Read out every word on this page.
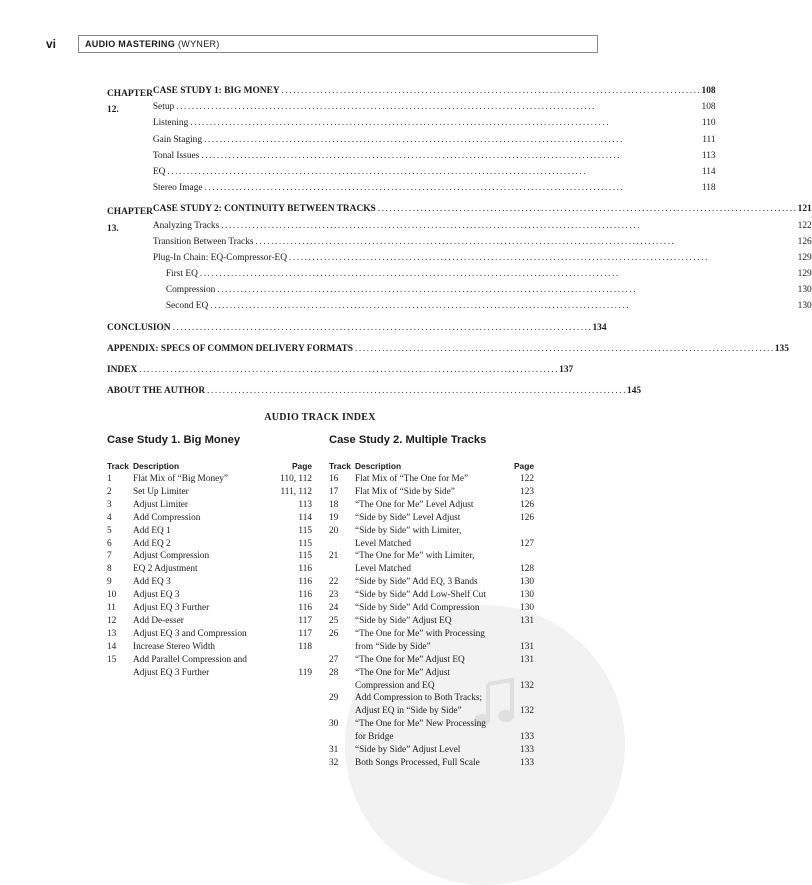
vi	AUDIO MASTERING (WYNER)
CHAPTER 12.
CASE STUDY 1: BIG MONEY . . .	108
Setup . . .	108
Listening . . .	110
Gain Staging . . .	111
Tonal Issues . . .	113
EQ . . .	114
Stereo Image . . .	118
CHAPTER 13.
CASE STUDY 2: CONTINUITY BETWEEN TRACKS . . .	121
Analyzing Tracks . . .	122
Transition Between Tracks . . .	126
Plug-In Chain: EQ-Compressor-EQ . . .	129
First EQ . . .	129
Compression . . .	130
Second EQ . . .	130
CONCLUSION . . .	134
APPENDIX: SPECS OF COMMON DELIVERY FORMATS . . .	135
INDEX . . .	137
ABOUT THE AUTHOR . . .	145
AUDIO TRACK INDEX
Case Study 1. Big Money
Track Description	Page
1	Flat Mix of “Big Money”	110, 112
2	Set Up Limiter	111, 112
3	Adjust Limiter	113
4	Add Compression	114
5	Add EQ 1	115
6	Add EQ 2	115
7	Adjust Compression	115
8	EQ 2 Adjustment	116
9	Add EQ 3	116
10	Adjust EQ 3	116
11	Adjust EQ 3 Further	116
12	Add De-esser	117
13	Adjust EQ 3 and Compression	117
14	Increase Stereo Width	118
15	Add Parallel Compression and
Adjust EQ 3 Further	119
Case Study 2. Multiple Tracks
Track Description	Page
16	Flat Mix of “The One for Me”	122
17	Flat Mix of “Side by Side”	123
18	“The One for Me” Level Adjust	126
19	“Side by Side” Level Adjust	126
20	“Side by Side” with Limiter,
Level Matched	127
21	“The One for Me” with Limiter,
Level Matched	128
22	“Side by Side” Add EQ, 3 Bands	130
23	“Side by Side” Add Low-Shelf Cut	130
24	“Side by Side” Add Compression	130
25	“Side by Side” Adjust EQ	131
26	“The One for Me” with Processing
from “Side by Side”	131
27	“The One for Me” Adjust EQ	131
28	“The One for Me” Adjust
Compression and EQ	132
29	Add Compression to Both Tracks;
Adjust EQ in “Side by Side”	132
30	“The One for Me” New Processing
for Bridge	133
31	“Side by Side” Adjust Level	133
32	Both Songs Processed, Full Scale	133
